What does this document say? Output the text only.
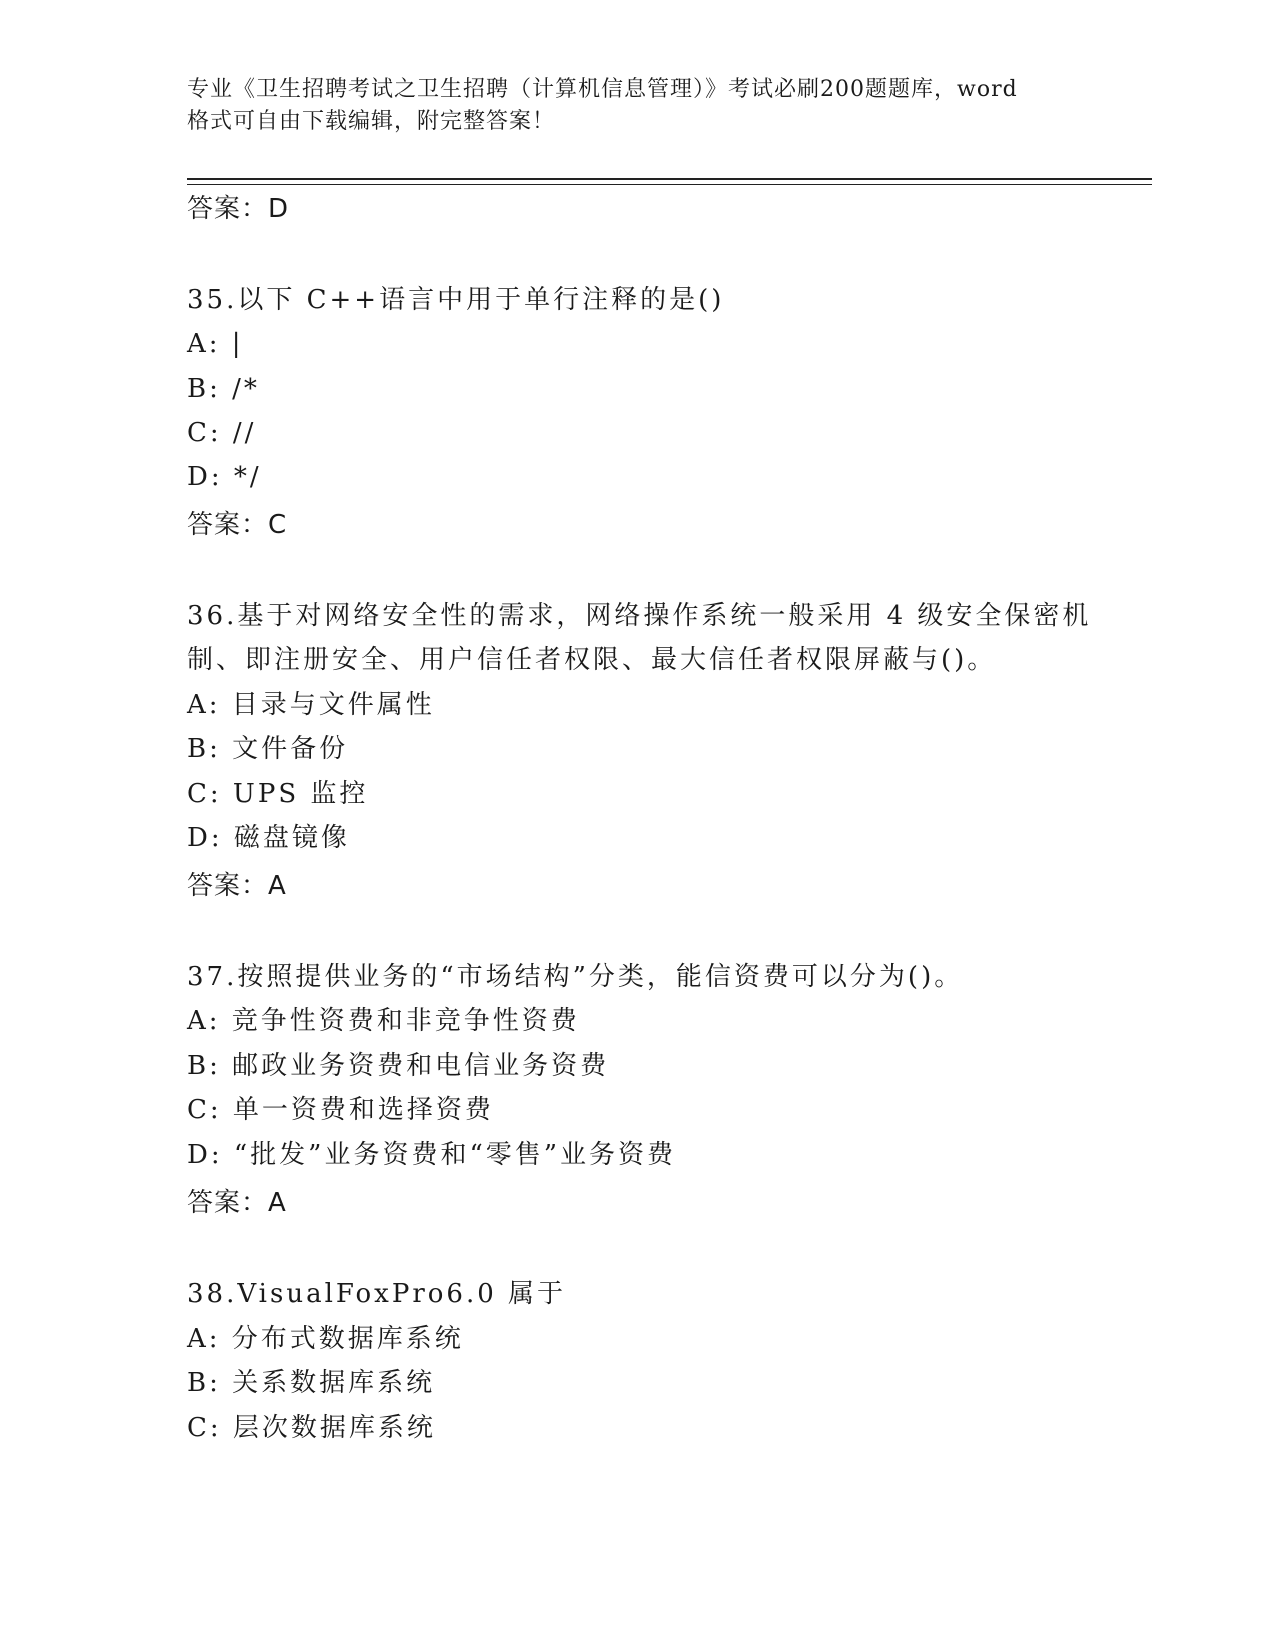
专业《卫生招聘考试之卫生招聘（计算机信息管理）》考试必刷200题题库，word
格式可自由下载编辑，附完整答案！
答案：D
35.以下 C++语言中用于单行注释的是()
A: |
B: /*
C: //
D: */
答案：C
36.基于对网络安全性的需求，网络操作系统一般采用 4 级安全保密机
制、即注册安全、用户信任者权限、最大信任者权限屏蔽与()。
A: 目录与文件属性
B: 文件备份
C: UPS 监控
D: 磁盘镜像
答案：A
37.按照提供业务的“市场结构”分类，能信资费可以分为()。
A: 竞争性资费和非竞争性资费
B: 邮政业务资费和电信业务资费
C: 单一资费和选择资费
D: “批发”业务资费和“零售”业务资费
答案：A
38.VisualFoxPro6.0 属于
A: 分布式数据库系统
B: 关系数据库系统
C: 层次数据库系统
